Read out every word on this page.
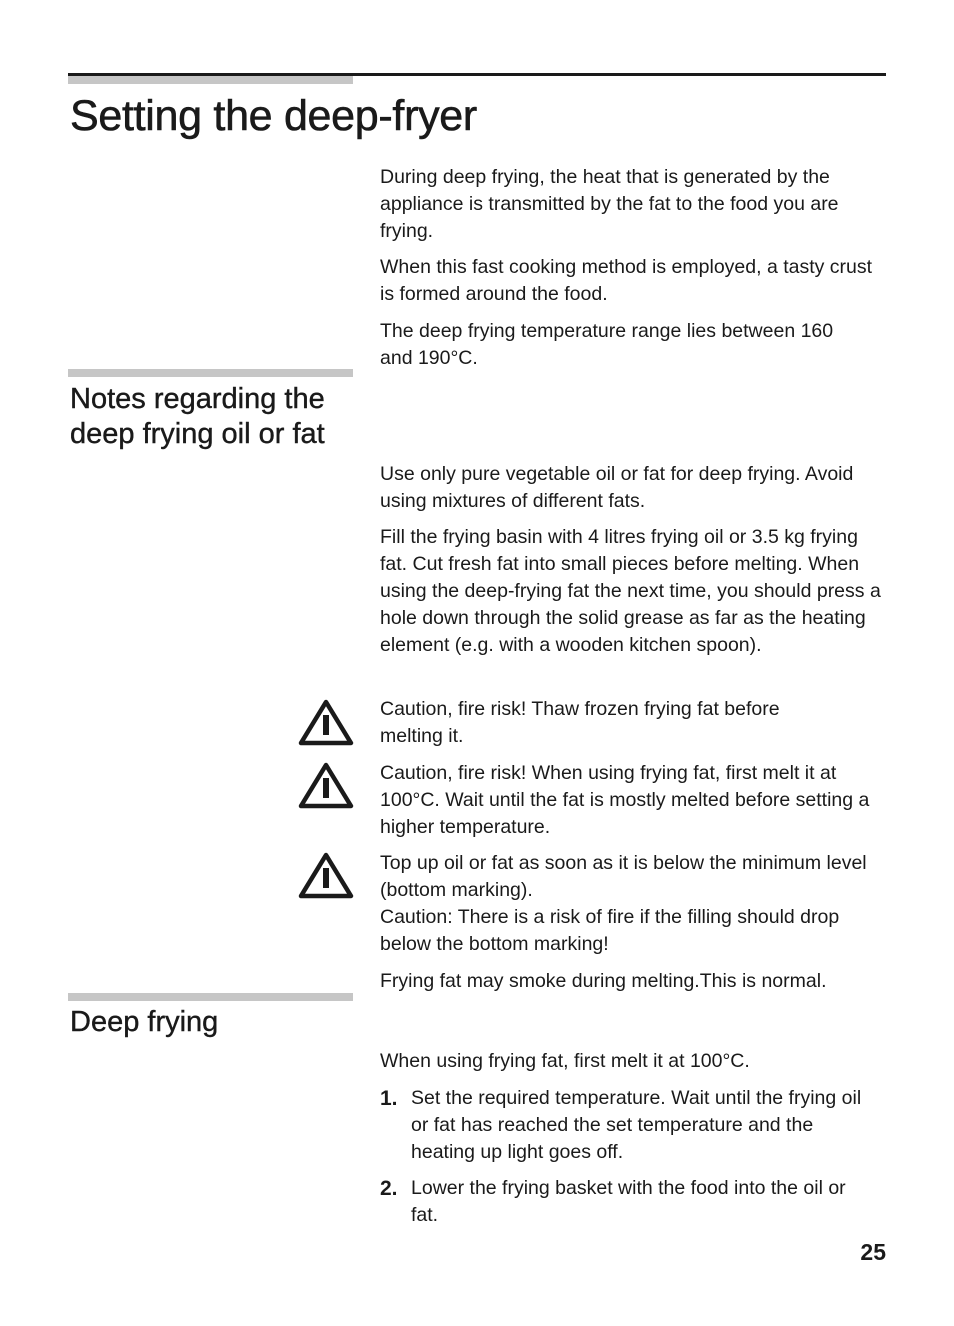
Setting the deep-fryer

During deep frying, the heat that is generated by the appliance is transmitted by the fat to the food you are frying.

When this fast cooking method is employed, a tasty crust is formed around the food.

The deep frying temperature range lies between 160 and 190°C.

Notes regarding the
deep frying oil or fat

Use only pure vegetable oil or fat for deep frying. Avoid using mixtures of different fats.

Fill the frying basin with 4 litres frying oil or 3.5 kg frying fat. Cut fresh fat into small pieces before melting. When using the deep-frying fat the next time, you should press a hole down through the solid grease as far as the heating element (e.g. with a wooden kitchen spoon).

Caution, fire risk! Thaw frozen frying fat before melting it.

Caution, fire risk! When using frying fat, first melt it at 100°C. Wait until the fat is mostly melted before setting a higher temperature.

Top up oil or fat as soon as it is below the minimum level (bottom marking).
Caution: There is a risk of fire if the filling should drop below the bottom marking!

Frying fat may smoke during melting.This is normal.

Deep frying

When using frying fat, first melt it at 100°C.

1. Set the required temperature. Wait until the frying oil or fat has reached the set temperature and the heating up light goes off.

2. Lower the frying basket with the food into the oil or fat.

25
